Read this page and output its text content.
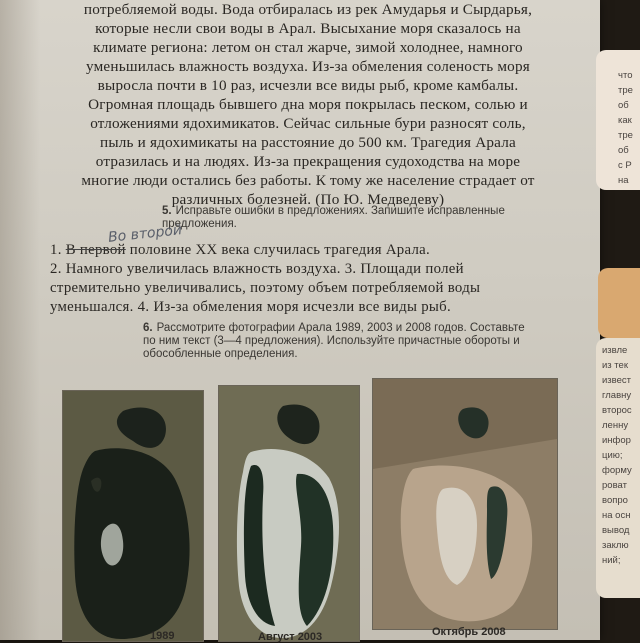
потребляемой воды. Вода отбиралась из рек Амударья и Сырдарья,
которые несли свои воды в Арал. Высыхание моря сказалось на
климате региона: летом он стал жарче, зимой холоднее, намного
уменьшилась влажность воздуха. Из-за обмеления соленость моря
выросла почти в 10 раз, исчезли все виды рыб, кроме камбалы.
Огромная площадь бывшего дна моря покрылась песком, солью и
отложениями ядохимикатов. Сейчас сильные бури разносят соль,
пыль и ядохимикаты на расстояние до 500 км. Трагедия Арала
отразилась и на людях. Из-за прекращения судоходства на море
многие люди остались без работы. К тому же население страдает от
различных болезней. (По Ю. Медведеву)
5. Исправьте ошибки в предложениях. Запишите исправленные
предложения.
Во второй
1. В первой половине XX века случилась трагедия Арала.
2. Намного увеличилась влажность воздуха. 3. Площади полей
стремительно увеличивались, поэтому объем потребляемой воды
уменьшался. 4. Из-за обмеления моря исчезли все виды рыб.
6. Рассмотрите фотографии Арала 1989, 2003 и 2008 годов. Составьте
по ним текст (3—4 предложения). Используйте причастные обороты и
обособленные определения.
1989	Август 2003	Октябрь 2008
что
тре
об
как
тре
об
с Р
на
извле
из тек
извест
главну
второс
ленну
инфор
цию;
форму
роват
вопро
на осн
вывод
заклю
ний;
